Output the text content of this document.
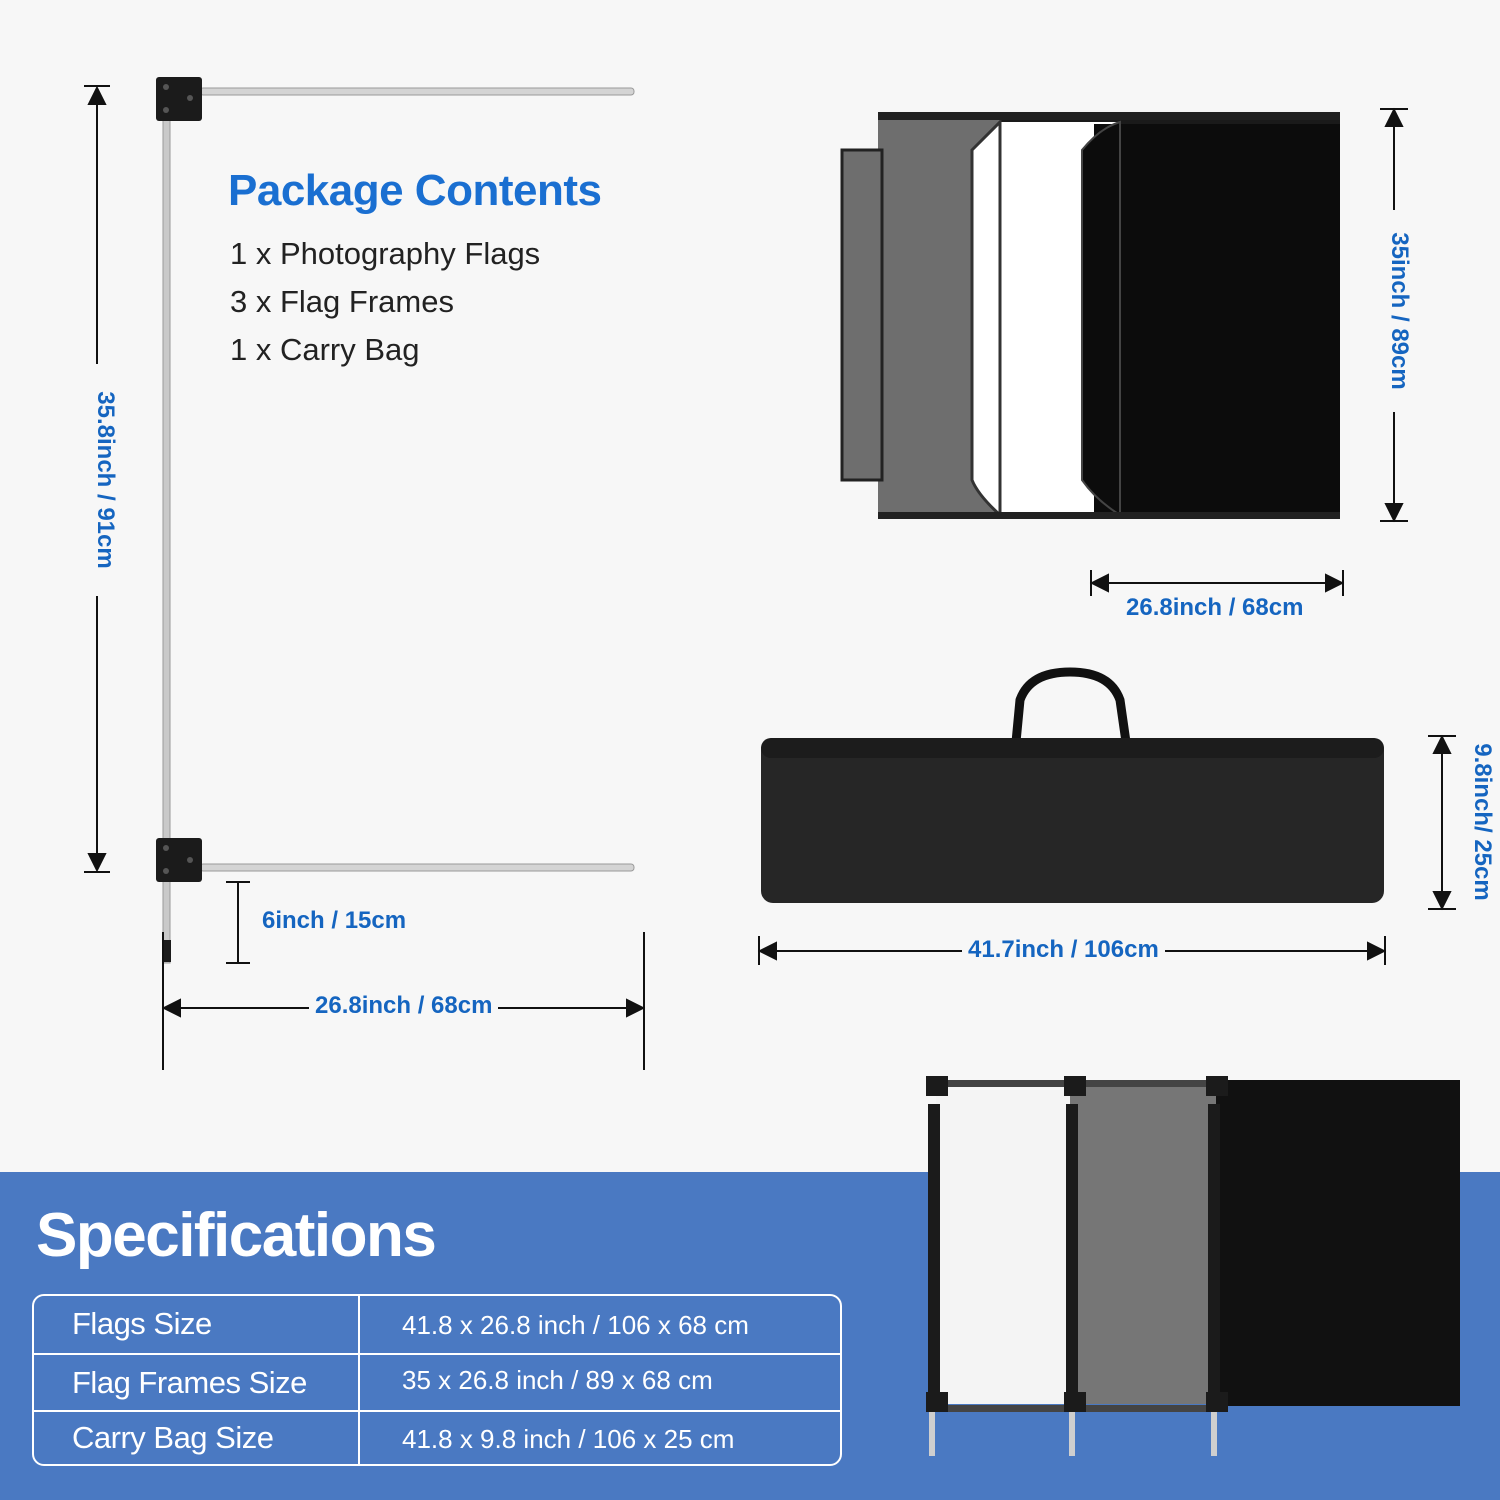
Package Contents
1 x Photography Flags
3 x Flag Frames
1 x Carry Bag
35.8inch / 91cm
6inch / 15cm
26.8inch / 68cm
35inch / 89cm
26.8inch / 68cm
9.8inch/ 25cm
41.7inch / 106cm
Specifications
Flags Size	41.8 x 26.8 inch / 106 x 68 cm
Flag Frames Size	35 x 26.8 inch / 89 x 68 cm
Carry Bag Size	41.8 x 9.8 inch / 106 x 25 cm
